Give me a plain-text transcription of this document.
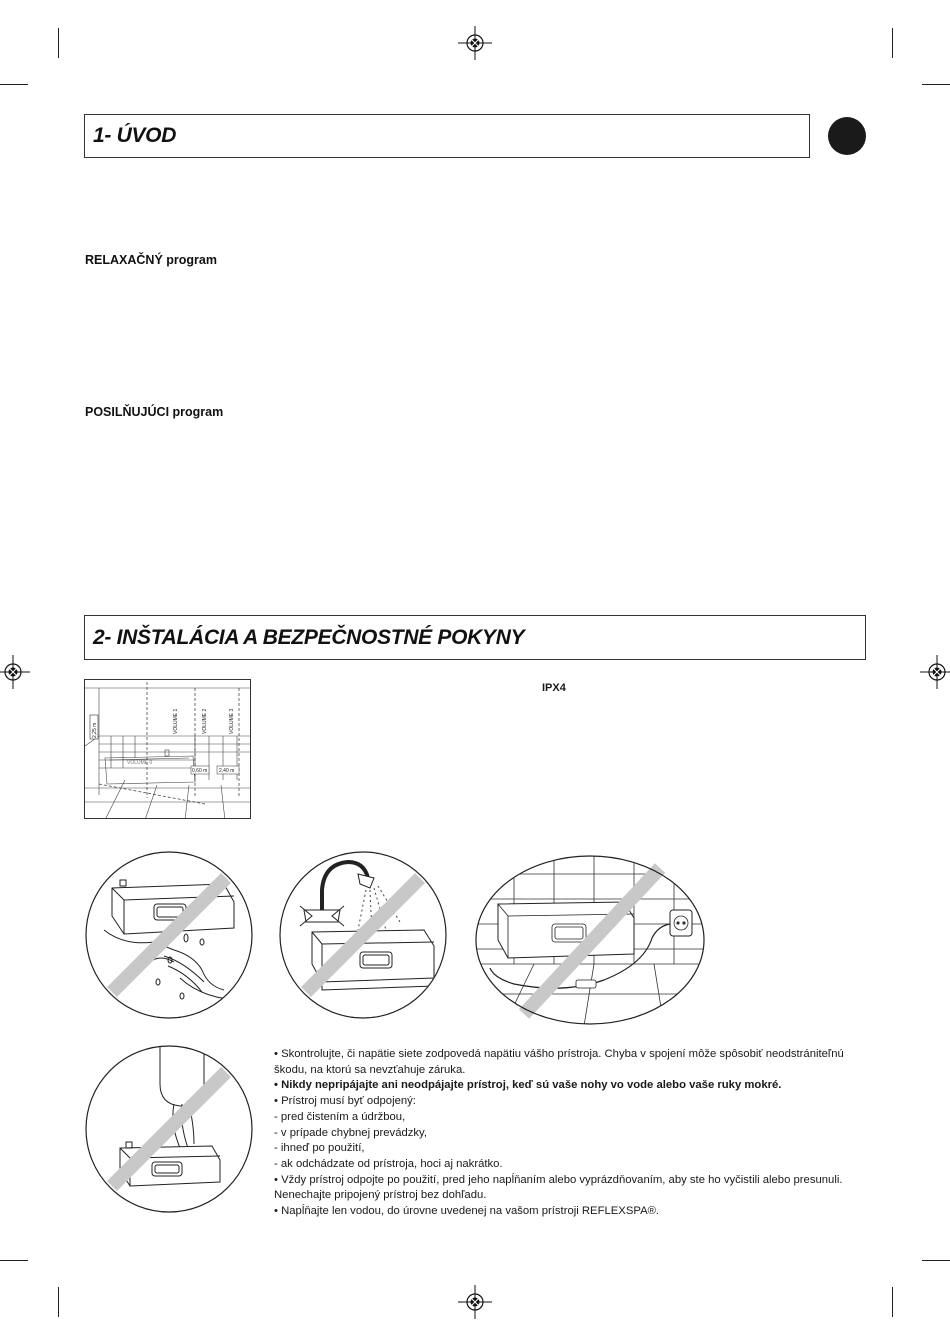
1- ÚVOD
RELAXAČNÝ program
POSILŇUJÚCI program
2- INŠTALÁCIA A BEZPEČNOSTNÉ POKYNY
IPX4
2,25 m	VOLUME 1	VOLUME 2	VOLUME 3
VOLUME 0
0,60 m 2,40 m

• Skontrolujte, či napätie siete zodpovedá napätiu vášho prístroja. Chyba v spojení môže spôsobiť neodstrániteľnú škodu, na ktorú sa nevzťahuje záruka.

• Nikdy nepripájajte ani neodpájajte prístroj, keď sú vaše nohy vo vode alebo vaše ruky mokré.

• Prístroj musí byť odpojený:

- pred čistením a údržbou,

- v prípade chybnej prevádzky,

- ihneď po použití,

- ak odchádzate od prístroja, hoci aj nakrátko.

• Vždy prístroj odpojte po použití, pred jeho napĺňaním alebo vyprázdňovaním, aby ste ho vyčistili alebo presunuli. Nenechajte pripojený prístroj bez dohľadu.

• Napĺňajte len vodou, do úrovne uvedenej na vašom prístroji REFLEXSPA®.
